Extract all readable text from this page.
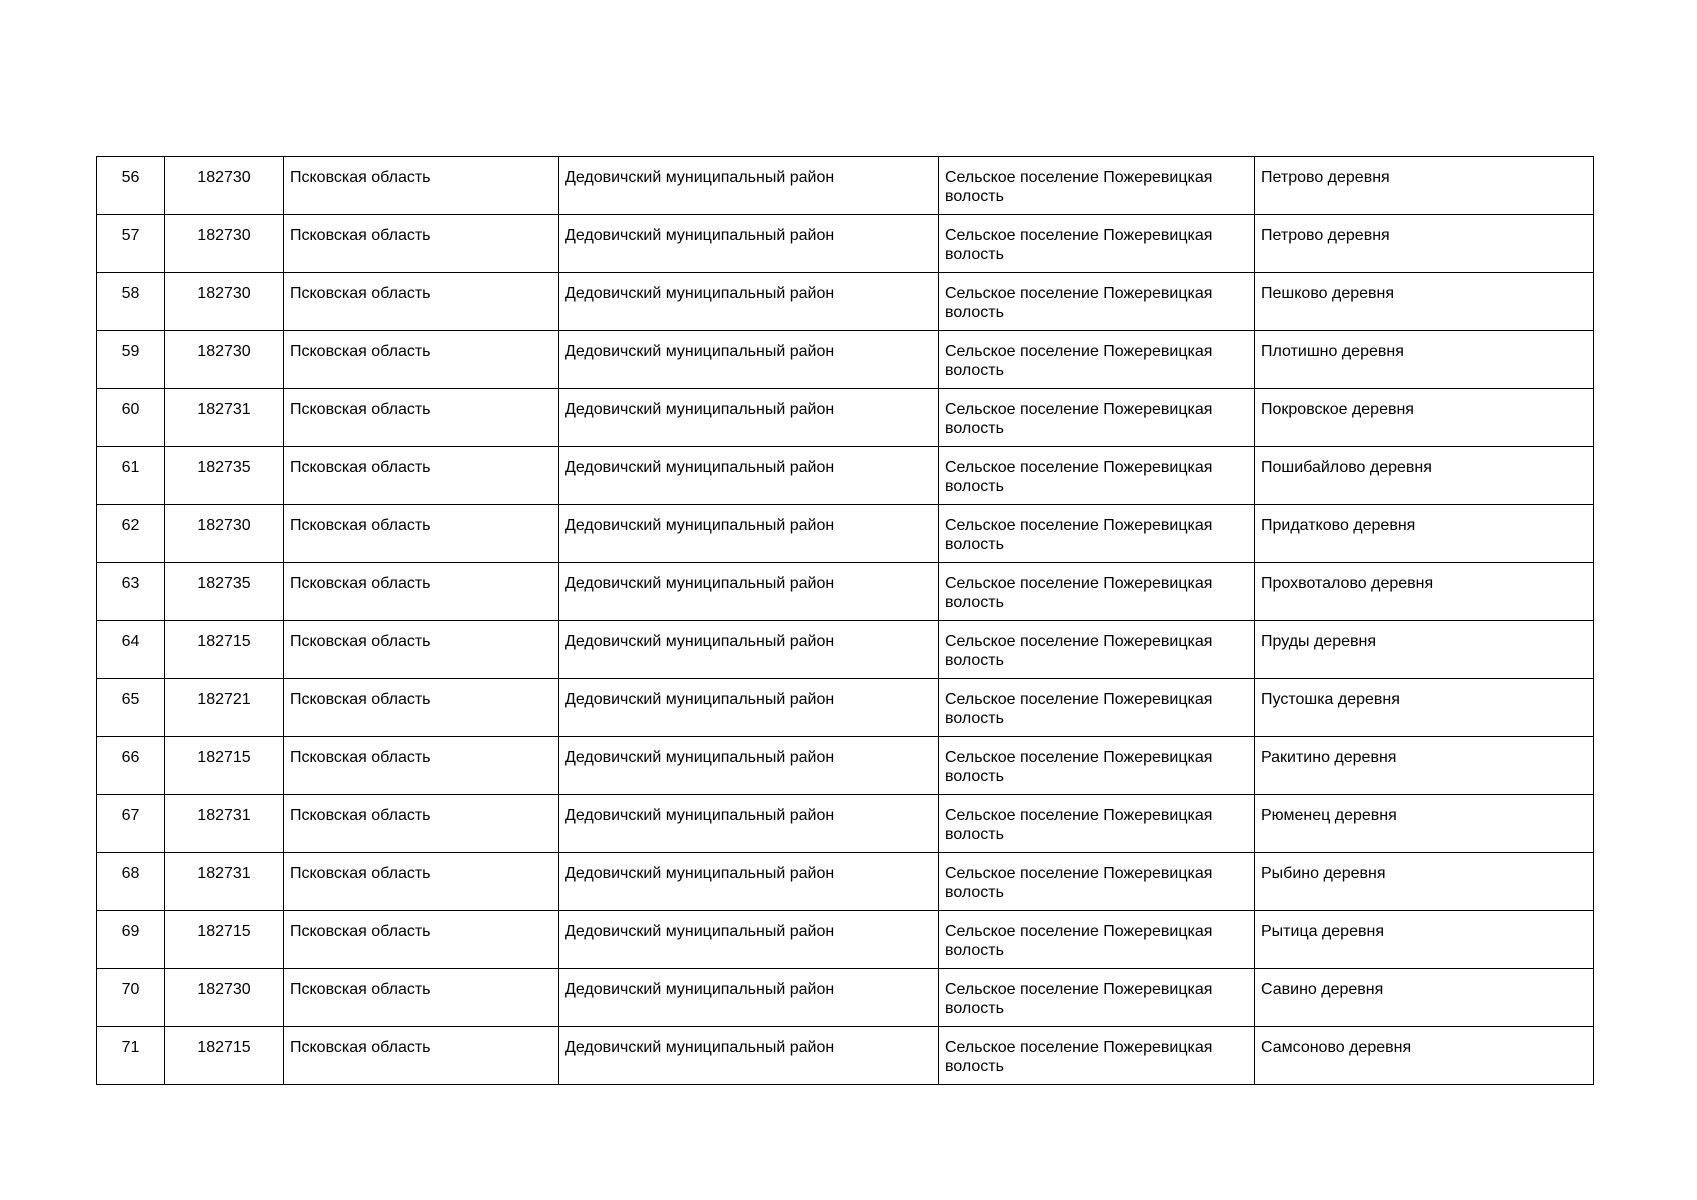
56	182730	Псковская область	Дедовичский муниципальный район	Сельское поселение Пожеревицкая волость	Петрово деревня

57	182730	Псковская область	Дедовичский муниципальный район	Сельское поселение Пожеревицкая волость	Петрово деревня

58	182730	Псковская область	Дедовичский муниципальный район	Сельское поселение Пожеревицкая волость	Пешково деревня

59	182730	Псковская область	Дедовичский муниципальный район	Сельское поселение Пожеревицкая волость	Плотишно деревня

60	182731	Псковская область	Дедовичский муниципальный район	Сельское поселение Пожеревицкая волость	Покровское деревня

61	182735	Псковская область	Дедовичский муниципальный район	Сельское поселение Пожеревицкая волость	Пошибайлово деревня

62	182730	Псковская область	Дедовичский муниципальный район	Сельское поселение Пожеревицкая волость	Придатково деревня

63	182735	Псковская область	Дедовичский муниципальный район	Сельское поселение Пожеревицкая волость	Прохвоталово деревня

64	182715	Псковская область	Дедовичский муниципальный район	Сельское поселение Пожеревицкая волость	Пруды деревня

65	182721	Псковская область	Дедовичский муниципальный район	Сельское поселение Пожеревицкая волость	Пустошка деревня

66	182715	Псковская область	Дедовичский муниципальный район	Сельское поселение Пожеревицкая волость	Ракитино деревня

67	182731	Псковская область	Дедовичский муниципальный район	Сельское поселение Пожеревицкая волость	Рюменец деревня

68	182731	Псковская область	Дедовичский муниципальный район	Сельское поселение Пожеревицкая волость	Рыбино деревня

69	182715	Псковская область	Дедовичский муниципальный район	Сельское поселение Пожеревицкая волость	Рытица деревня

70	182730	Псковская область	Дедовичский муниципальный район	Сельское поселение Пожеревицкая волость	Савино деревня

71	182715	Псковская область	Дедовичский муниципальный район	Сельское поселение Пожеревицкая волость	Самсоново деревня
